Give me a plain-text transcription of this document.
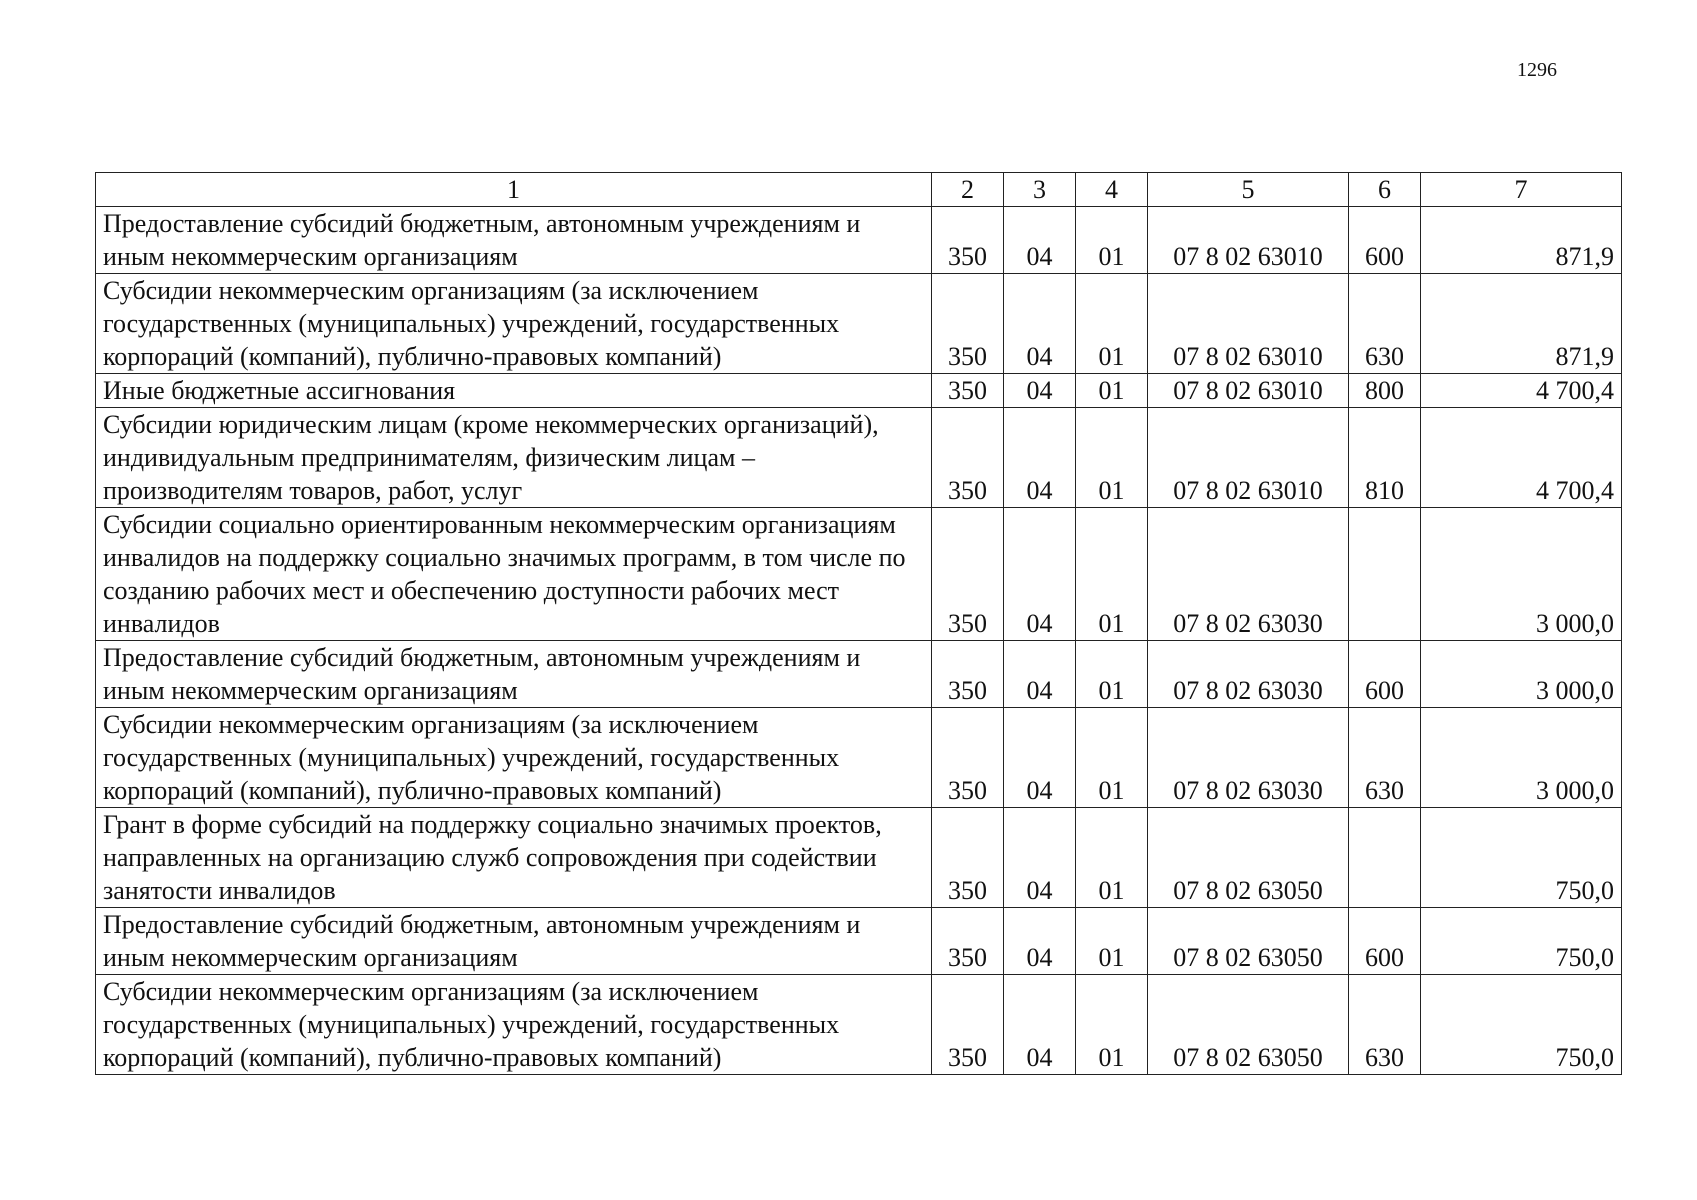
1296
1	2	3	4	5	6	7
Предоставление субсидий бюджетным, автономным учреждениям и иным некоммерческим организациям	350	04	01	07 8 02 63010	600	871,9
Субсидии некоммерческим организациям (за исключением государственных (муниципальных) учреждений, государственных корпораций (компаний), публично-правовых компаний)	350	04	01	07 8 02 63010	630	871,9
Иные бюджетные ассигнования	350	04	01	07 8 02 63010	800	4 700,4
Субсидии юридическим лицам (кроме некоммерческих организаций), индивидуальным предпринимателям, физическим лицам – производителям товаров, работ, услуг	350	04	01	07 8 02 63010	810	4 700,4
Субсидии социально ориентированным некоммерческим организациям инвалидов на поддержку социально значимых программ, в том числе по созданию рабочих мест и обеспечению доступности рабочих мест инвалидов	350	04	01	07 8 02 63030		3 000,0
Предоставление субсидий бюджетным, автономным учреждениям и иным некоммерческим организациям	350	04	01	07 8 02 63030	600	3 000,0
Субсидии некоммерческим организациям (за исключением государственных (муниципальных) учреждений, государственных корпораций (компаний), публично-правовых компаний)	350	04	01	07 8 02 63030	630	3 000,0
Грант в форме субсидий на поддержку социально значимых проектов, направленных на организацию служб сопровождения при содействии занятости инвалидов	350	04	01	07 8 02 63050		750,0
Предоставление субсидий бюджетным, автономным учреждениям и иным некоммерческим организациям	350	04	01	07 8 02 63050	600	750,0
Субсидии некоммерческим организациям (за исключением государственных (муниципальных) учреждений, государственных корпораций (компаний), публично-правовых компаний)	350	04	01	07 8 02 63050	630	750,0
